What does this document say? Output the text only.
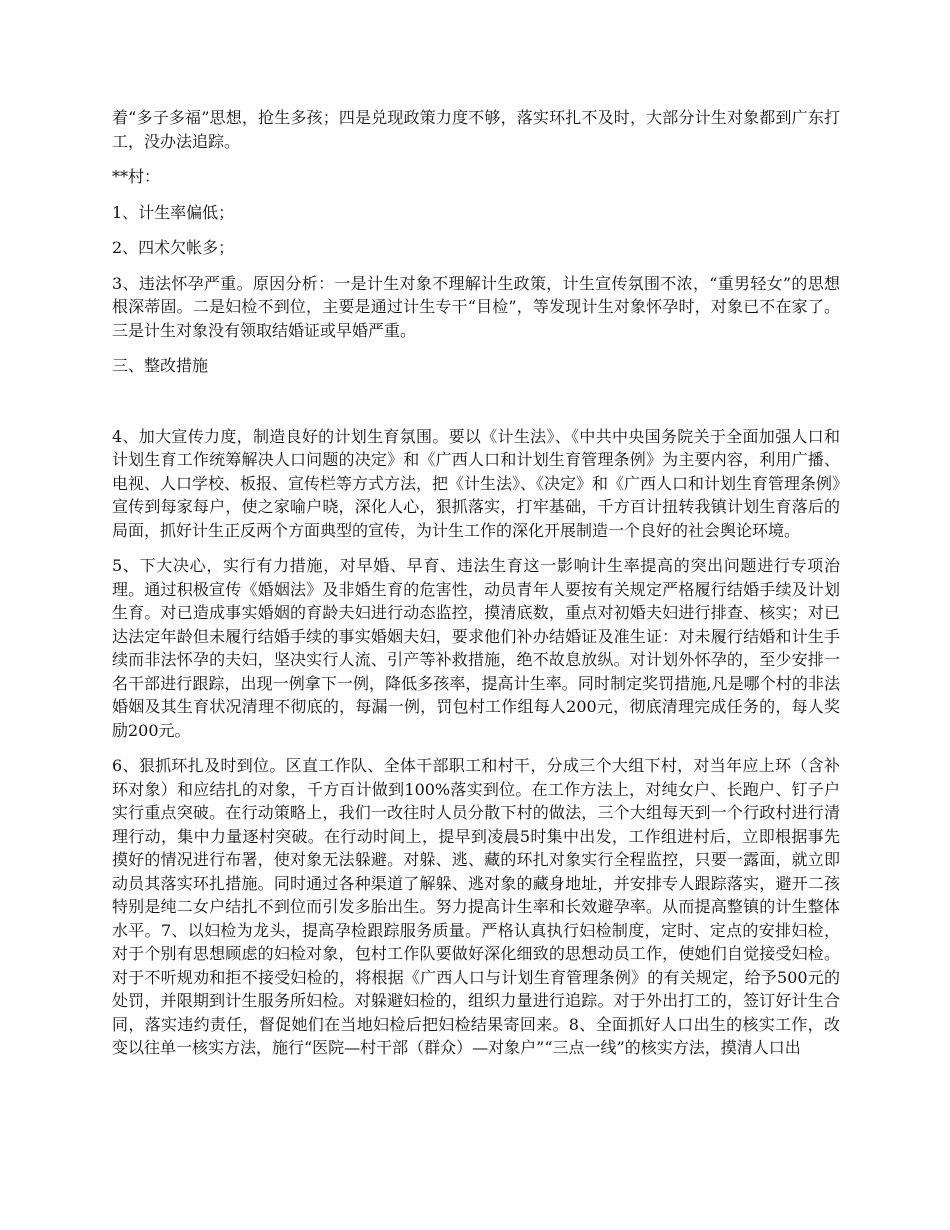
着“多子多福”思想，抢生多孩；四是兑现政策力度不够，落实环扎不及时，大部分计生对象都到广东打工，没办法追踪。

**村：

1、计生率偏低；

2、四术欠帐多；

3、违法怀孕严重。原因分析：一是计生对象不理解计生政策，计生宣传氛围不浓，“重男轻女”的思想根深蒂固。二是妇检不到位，主要是通过计生专干“目检”，等发现计生对象怀孕时，对象已不在家了。三是计生对象没有领取结婚证或早婚严重。

三、整改措施

4、加大宣传力度，制造良好的计划生育氛围。要以《计生法》、《中共中央国务院关于全面加强人口和计划生育工作统筹解决人口问题的决定》和《广西人口和计划生育管理条例》为主要内容，利用广播、电视、人口学校、板报、宣传栏等方式方法，把《计生法》、《决定》和《广西人口和计划生育管理条例》宣传到每家每户，使之家喻户晓，深化人心，狠抓落实，打牢基础，千方百计扭转我镇计划生育落后的局面，抓好计生正反两个方面典型的宣传，为计生工作的深化开展制造一个良好的社会舆论环境。

5、下大决心，实行有力措施，对早婚、早育、违法生育这一影响计生率提高的突出问题进行专项治理。通过积极宣传《婚姻法》及非婚生育的危害性，动员青年人要按有关规定严格履行结婚手续及计划生育。对已造成事实婚姻的育龄夫妇进行动态监控，摸清底数，重点对初婚夫妇进行排查、核实；对已达法定年龄但未履行结婚手续的事实婚姻夫妇，要求他们补办结婚证及准生证：对未履行结婚和计生手续而非法怀孕的夫妇，坚决实行人流、引产等补救措施，绝不故息放纵。对计划外怀孕的，至少安排一名干部进行跟踪，出现一例拿下一例，降低多孩率，提高计生率。同时制定奖罚措施,凡是哪个村的非法婚姻及其生育状况清理不彻底的，每漏一例，罚包村工作组每人200元，彻底清理完成任务的，每人奖励200元。

6、狠抓环扎及时到位。区直工作队、全体干部职工和村干，分成三个大组下村，对当年应上环（含补环对象）和应结扎的对象，千方百计做到100%落实到位。在工作方法上，对纯女户、长跑户、钉子户实行重点突破。在行动策略上，我们一改往时人员分散下村的做法，三个大组每天到一个行政村进行清理行动，集中力量逐村突破。在行动时间上，提早到凌晨5时集中出发，工作组进村后，立即根据事先摸好的情况进行布署，使对象无法躲避。对躲、逃、藏的环扎对象实行全程监控，只要一露面，就立即动员其落实环扎措施。同时通过各种渠道了解躲、逃对象的藏身地址，并安排专人跟踪落实，避开二孩特别是纯二女户结扎不到位而引发多胎出生。努力提高计生率和长效避孕率。从而提高整镇的计生整体水平。7、以妇检为龙头，提高孕检跟踪服务质量。严格认真执行妇检制度，定时、定点的安排妇检，对于个别有思想顾虑的妇检对象，包村工作队要做好深化细致的思想动员工作，使她们自觉接受妇检。对于不听规劝和拒不接受妇检的，将根据《广西人口与计划生育管理条例》的有关规定，给予500元的处罚，并限期到计生服务所妇检。对躲避妇检的，组织力量进行追踪。对于外出打工的，签订好计生合同，落实违约责任，督促她们在当地妇检后把妇检结果寄回来。8、全面抓好人口出生的核实工作，改变以往单一核实方法，施行“医院—村干部（群众）—对象户”“三点一线”的核实方法，摸清人口出
